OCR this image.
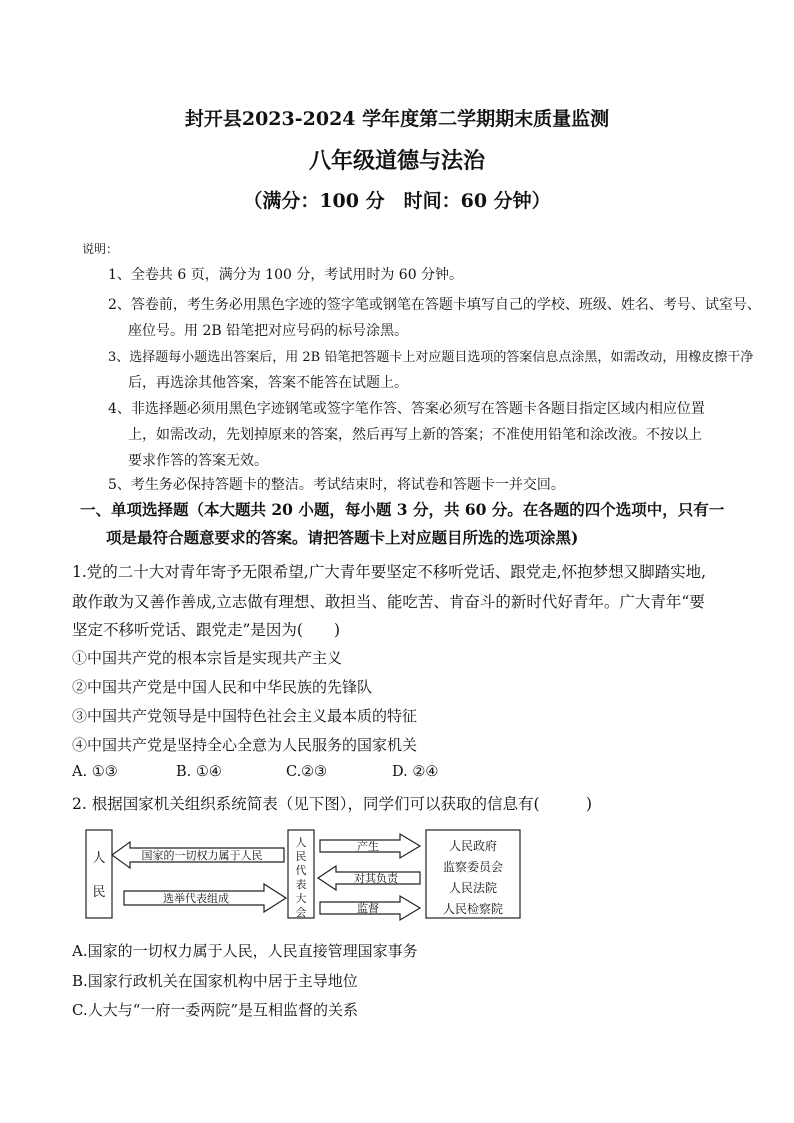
封开县2023-2024 学年度第二学期期末质量监测
八年级道德与法治
（满分：100 分　时间：60 分钟）
说明：
1、全卷共 6 页，满分为 100 分，考试用时为 60 分钟。
2、答卷前，考生务必用黑色字迹的签字笔或钢笔在答题卡填写自己的学校、班级、姓名、考号、试室号、
座位号。用 2B 铅笔把对应号码的标号涂黑。
3、选择题每小题选出答案后，用 2B 铅笔把答题卡上对应题目选项的答案信息点涂黑，如需改动，用橡皮擦干净
后，再选涂其他答案，答案不能答在试题上。
4、非选择题必须用黑色字迹钢笔或签字笔作答、答案必须写在答题卡各题目指定区域内相应位置
上，如需改动，先划掉原来的答案，然后再写上新的答案；不准使用铅笔和涂改液。不按以上
要求作答的答案无效。
5、考生务必保持答题卡的整洁。考试结束时，将试卷和答题卡一并交回。
一、单项选择题（本大题共 20 小题，每小题 3 分，共 60 分。在各题的四个选项中，只有一
项是最符合题意要求的答案。请把答题卡上对应题目所选的选项涂黑)
1.党的二十大对青年寄予无限希望,广大青年要坚定不移听党话、跟党走,怀抱梦想又脚踏实地,
敢作敢为又善作善成,立志做有理想、敢担当、能吃苦、肯奋斗的新时代好青年。广大青年“要
坚定不移听党话、跟党走”是因为(　　)
①中国共产党的根本宗旨是实现共产主义
②中国共产党是中国人民和中华民族的先锋队
③中国共产党领导是中国特色社会主义最本质的特征
④中国共产党是坚持全心全意为人民服务的国家机关
A. ①③	B. ①④	C.②③	D. ②④
2. 根据国家机关组织系统简表（见下图），同学们可以获取的信息有(　　　)
人
民
国家的一切权力属于人民
选举代表组成
人
民
代
表
大
会
产生
对其负责
监督
人民政府
监察委员会
人民法院
人民检察院
A.国家的一切权力属于人民，人民直接管理国家事务
B.国家行政机关在国家机构中居于主导地位
C.人大与“一府一委两院”是互相监督的关系
